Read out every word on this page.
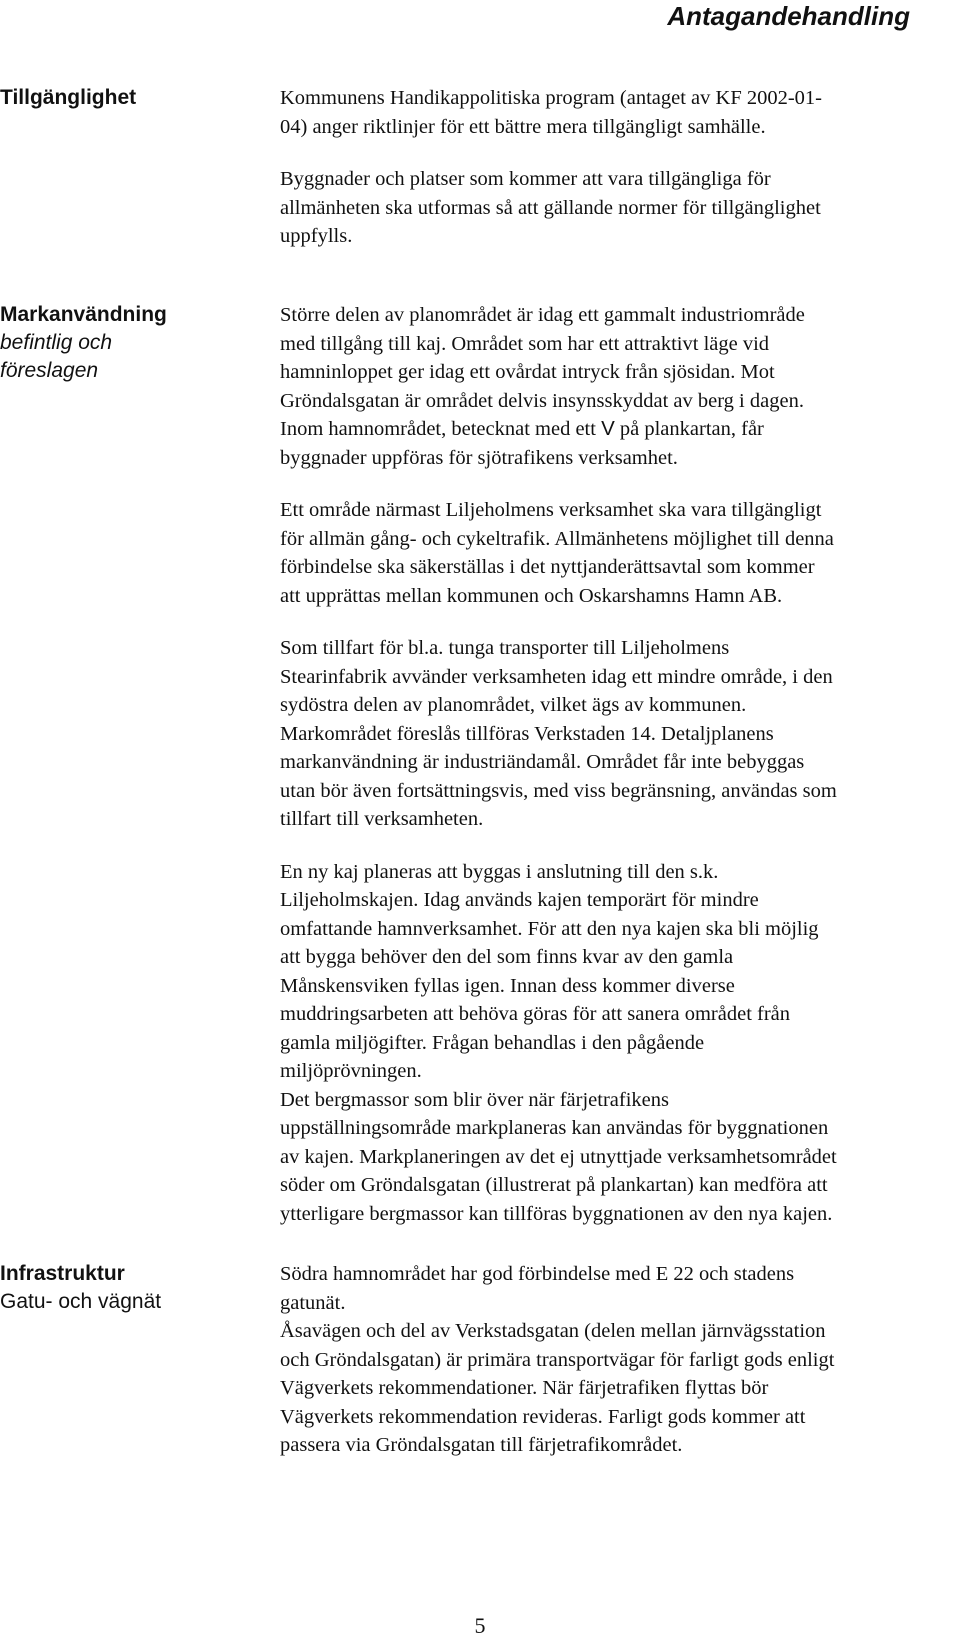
Antagandehandling
Tillgänglighet	Kommunens Handikappolitiska program (antaget av KF 2002-01-
04) anger riktlinjer för ett bättre mera tillgängligt samhälle.
Byggnader och platser som kommer att vara tillgängliga för
allmänheten ska utformas så att gällande normer för tillgänglighet
uppfylls.
Markanvändning
befintlig och
föreslagen
Större delen av planområdet är idag ett gammalt industriområde
med tillgång till kaj. Området som har ett attraktivt läge vid
hamninloppet ger idag ett ovårdat intryck från sjösidan. Mot
Gröndalsgatan är området delvis insynsskyddat av berg i dagen.
Inom hamnområdet, betecknat med ett V på plankartan, får
byggnader uppföras för sjötrafikens verksamhet.
Ett område närmast Liljeholmens verksamhet ska vara tillgängligt
för allmän gång- och cykeltrafik. Allmänhetens möjlighet till denna
förbindelse ska säkerställas i det nyttjanderättsavtal som kommer
att upprättas mellan kommunen och Oskarshamns Hamn AB.
Som tillfart för bl.a. tunga transporter till Liljeholmens
Stearinfabrik avvänder verksamheten idag ett mindre område, i den
sydöstra delen av planområdet, vilket ägs av kommunen.
Markområdet föreslås tillföras Verkstaden 14. Detaljplanens
markanvändning är industriändamål. Området får inte bebyggas
utan bör även fortsättningsvis, med viss begränsning, användas som
tillfart till verksamheten.
En ny kaj planeras att byggas i anslutning till den s.k.
Liljeholmskajen. Idag används kajen temporärt för mindre
omfattande hamnverksamhet. För att den nya kajen ska bli möjlig
att bygga behöver den del som finns kvar av den gamla
Månskensviken fyllas igen. Innan dess kommer diverse
muddringsarbeten att behöva göras för att sanera området från
gamla miljögifter. Frågan behandlas i den pågående
miljöprövningen.
Det bergmassor som blir över när färjetrafikens
uppställningsområde markplaneras kan användas för byggnationen
av kajen. Markplaneringen av det ej utnyttjade verksamhetsområdet
söder om Gröndalsgatan (illustrerat på plankartan) kan medföra att
ytterligare bergmassor kan tillföras byggnationen av den nya kajen.
Infrastruktur
Gatu- och vägnät
Södra hamnområdet har god förbindelse med E 22 och stadens
gatunät.
Åsavägen och del av Verkstadsgatan (delen mellan järnvägsstation
och Gröndalsgatan) är primära transportvägar för farligt gods enligt
Vägverkets rekommendationer. När färjetrafiken flyttas bör
Vägverkets rekommendation revideras. Farligt gods kommer att
passera via Gröndalsgatan till färjetrafikområdet.
5
